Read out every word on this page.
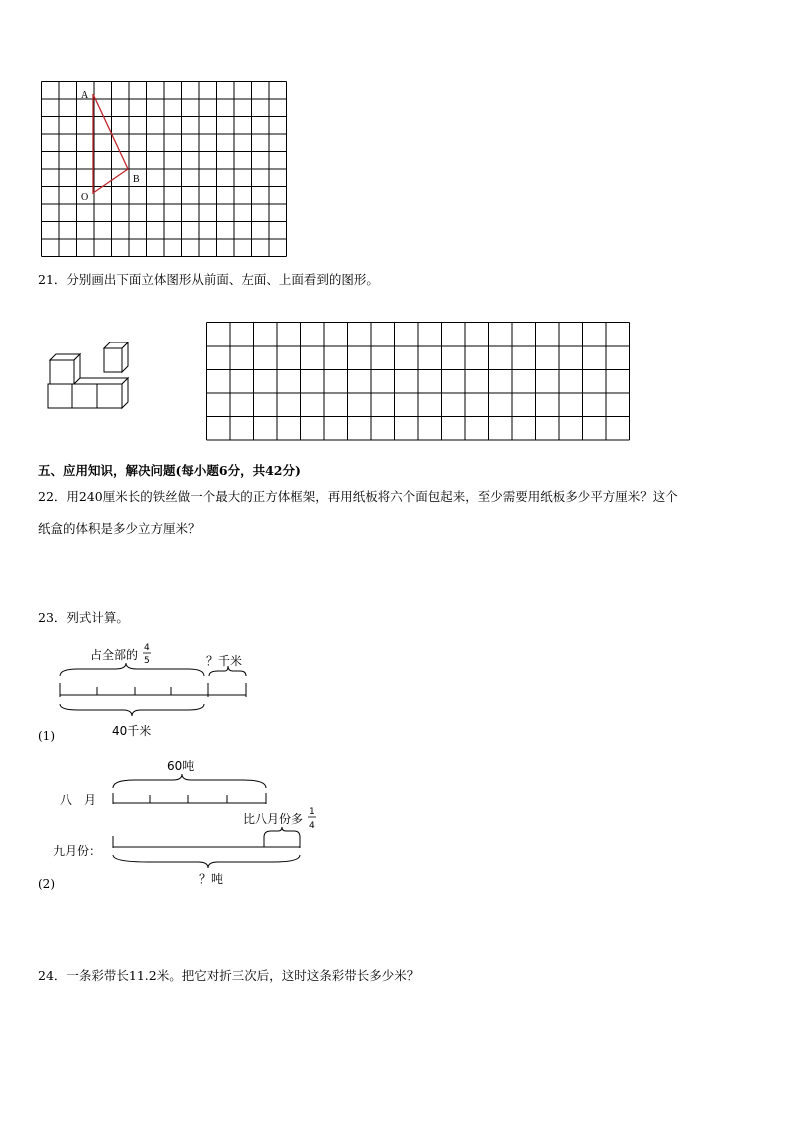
A
B
O
21．分别画出下面立体图形从前面、左面、上面看到的图形。
五、应用知识，解决问题(每小题6分，共42分)
22．用240厘米长的铁丝做一个最大的正方体框架，再用纸板将六个面包起来，至少需要用纸板多少平方厘米？这个
纸盒的体积是多少立方厘米？
23．列式计算。
占全部的 4
5	？千米
40千米
(1)
60吨
八　月
比八月份多 1
4
九月份：
？吨
(2)
24．一条彩带长11.2米。把它对折三次后，这时这条彩带长多少米？
